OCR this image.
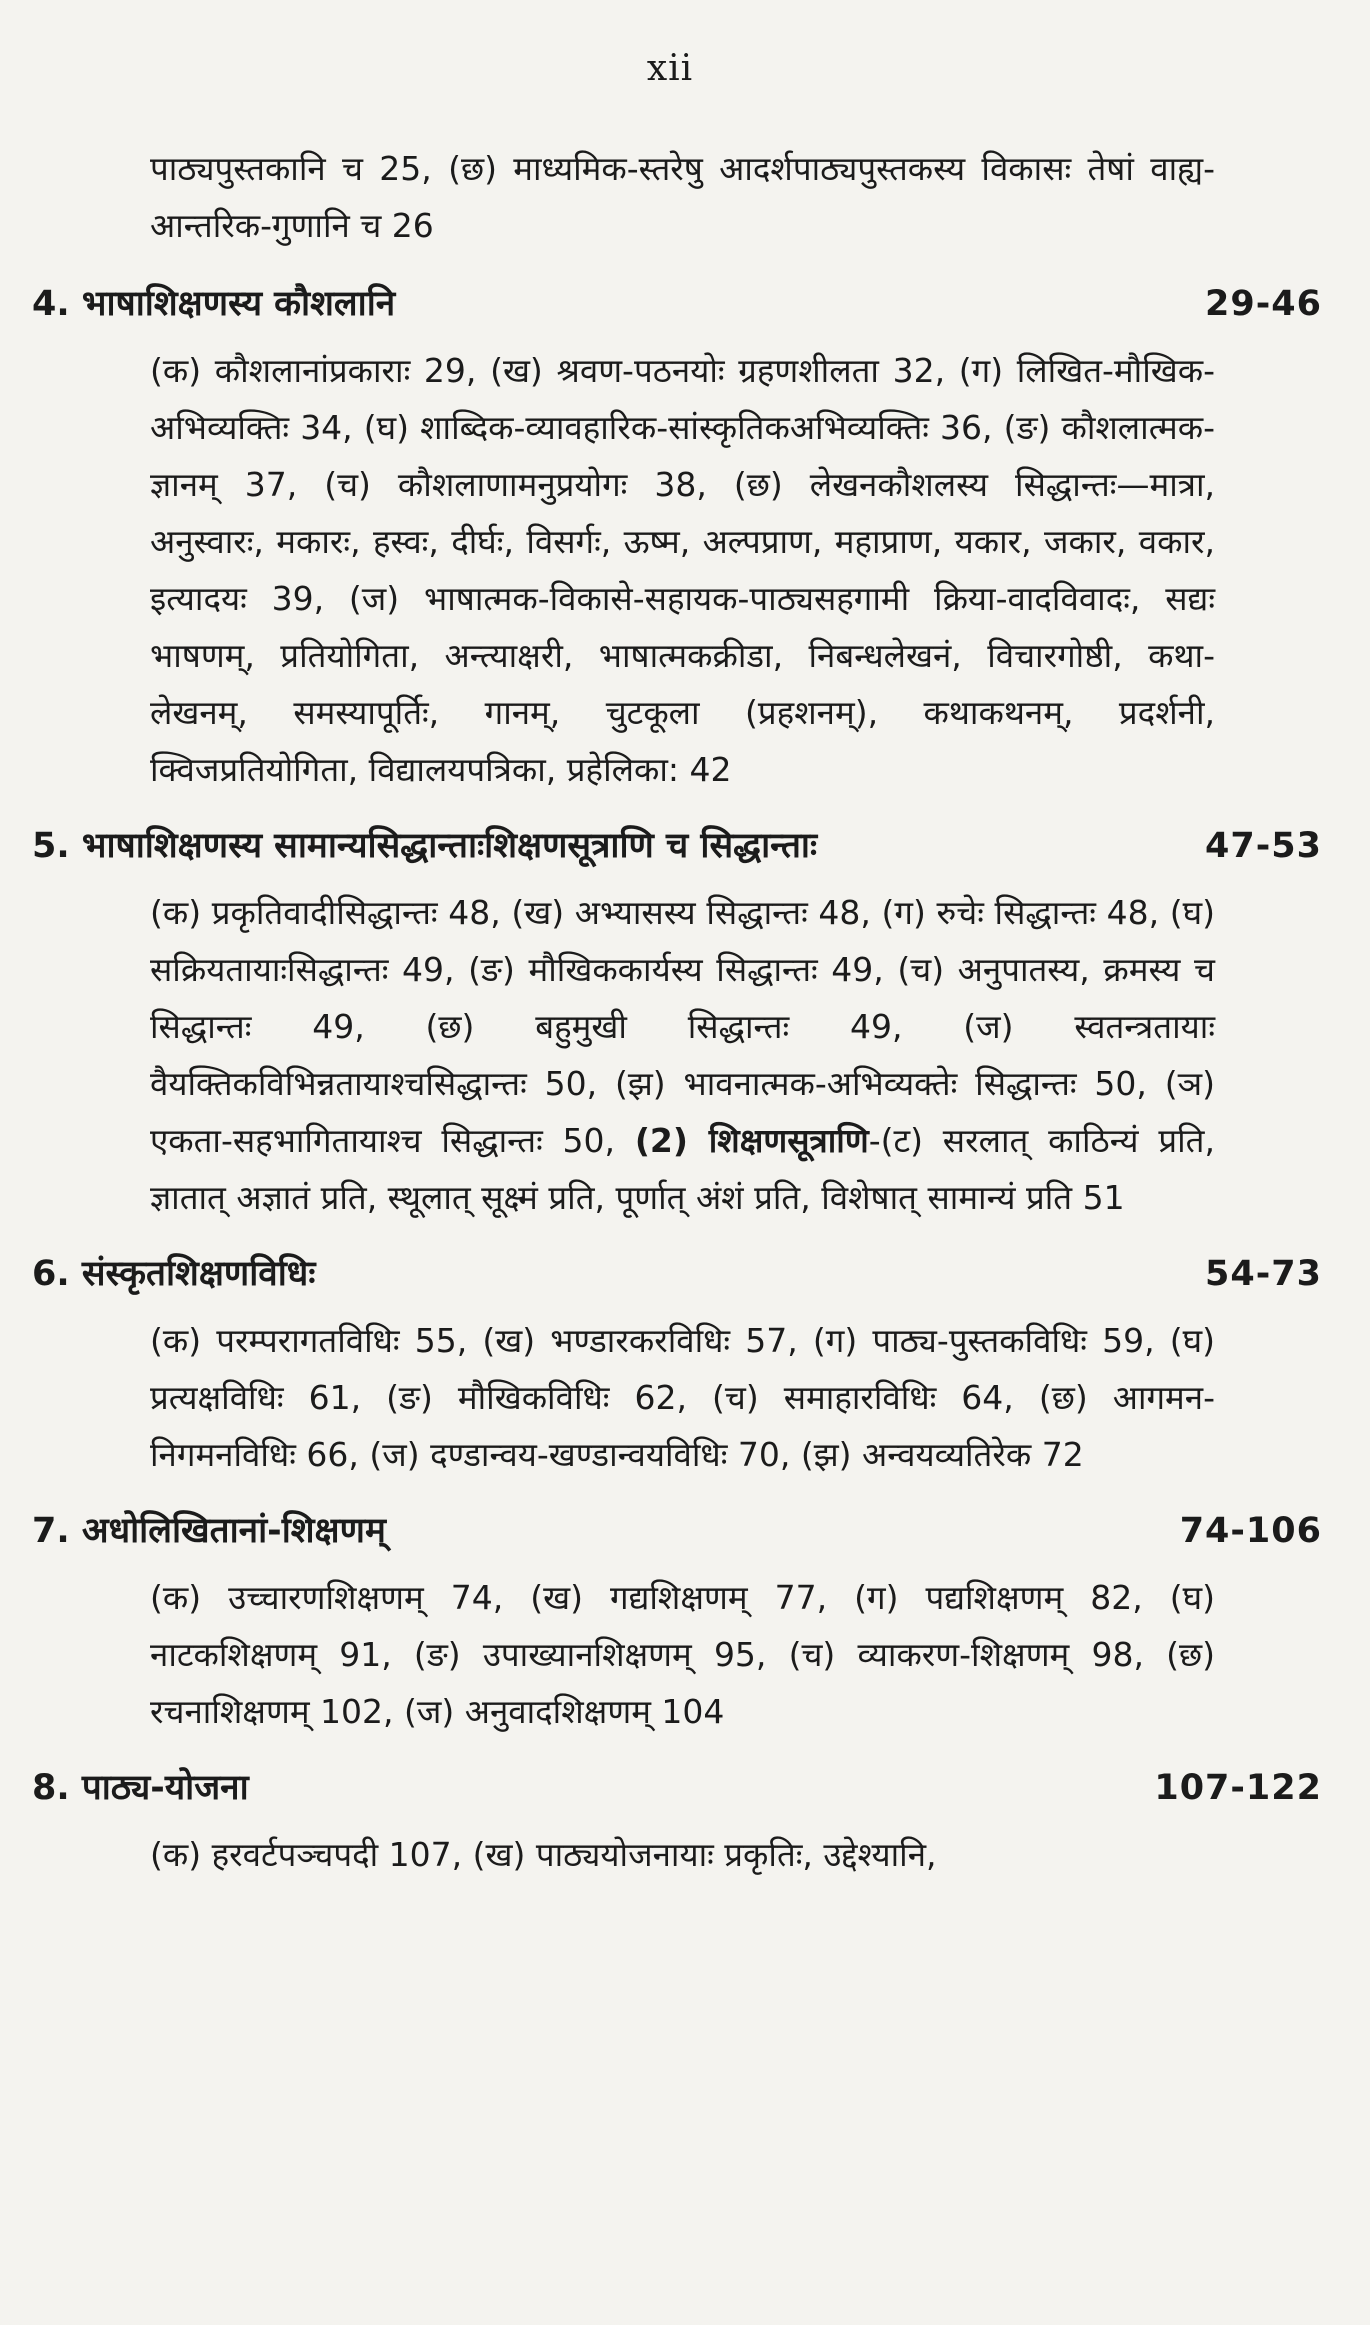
xii
पाठ्यपुस्तकानि च 25, (छ) माध्यमिक-स्तरेषु आदर्शपाठ्यपुस्तकस्य विकासः तेषां वाह्य-आन्तरिक-गुणानि च 26
4. भाषाशिक्षणस्य कौशलानि	29-46
(क) कौशलानांप्रकाराः 29, (ख) श्रवण-पठनयोः ग्रहणशीलता 32, (ग) लिखित-मौखिक-अभिव्यक्तिः 34, (घ) शाब्दिक-व्यावहारिक-सांस्कृतिकअभिव्यक्तिः 36, (ङ) कौशलात्मक-ज्ञानम् 37, (च) कौशलाणामनुप्रयोगः 38, (छ) लेखनकौशलस्य सिद्धान्तः—मात्रा, अनुस्वारः, मकारः, हस्वः, दीर्घः, विसर्गः, ऊष्म, अल्पप्राण, महाप्राण, यकार, जकार, वकार, इत्यादयः 39, (ज) भाषात्मक-विकासे-सहायक-पाठ्यसहगामी क्रिया-वादविवादः, सद्यः भाषणम्, प्रतियोगिता, अन्त्याक्षरी, भाषात्मकक्रीडा, निबन्धलेखनं, विचारगोष्ठी, कथा-लेखनम्, समस्यापूर्तिः, गानम्, चुटकूला (प्रहशनम्), कथाकथनम्, प्रदर्शनी, क्विजप्रतियोगिता, विद्यालयपत्रिका, प्रहेलिका: 42
5. भाषाशिक्षणस्य सामान्यसिद्धान्ताःशिक्षणसूत्राणि च सिद्धान्ताः	47-53
(क) प्रकृतिवादीसिद्धान्तः 48, (ख) अभ्यासस्य सिद्धान्तः 48, (ग) रुचेः सिद्धान्तः 48, (घ) सक्रियतायाःसिद्धान्तः 49, (ङ) मौखिककार्यस्य सिद्धान्तः 49, (च) अनुपातस्य, क्रमस्य च सिद्धान्तः 49, (छ) बहुमुखी सिद्धान्तः 49, (ज) स्वतन्त्रतायाः वैयक्तिकविभिन्नतायाश्चसिद्धान्तः 50, (झ) भावनात्मक-अभिव्यक्तेः सिद्धान्तः 50, (ञ) एकता-सहभागितायाश्च सिद्धान्तः 50, (2) शिक्षणसूत्राणि-(ट) सरलात् काठिन्यं प्रति, ज्ञातात् अज्ञातं प्रति, स्थूलात् सूक्ष्मं प्रति, पूर्णात् अंशं प्रति, विशेषात् सामान्यं प्रति 51
6. संस्कृतशिक्षणविधिः	54-73
(क) परम्परागतविधिः 55, (ख) भण्डारकरविधिः 57, (ग) पाठ्य-पुस्तकविधिः 59, (घ) प्रत्यक्षविधिः 61, (ङ) मौखिकविधिः 62, (च) समाहारविधिः 64, (छ) आगमन-निगमनविधिः 66, (ज) दण्डान्वय-खण्डान्वयविधिः 70, (झ) अन्वयव्यतिरेक 72
7. अधोलिखितानां-शिक्षणम्	74-106
(क) उच्चारणशिक्षणम् 74, (ख) गद्यशिक्षणम् 77, (ग) पद्यशिक्षणम् 82, (घ) नाटकशिक्षणम् 91, (ङ) उपाख्यानशिक्षणम् 95, (च) व्याकरण-शिक्षणम् 98, (छ) रचनाशिक्षणम् 102, (ज) अनुवादशिक्षणम् 104
8. पाठ्य-योजना	107-122
(क) हरवर्टपञ्चपदी 107, (ख) पाठ्ययोजनायाः प्रकृतिः, उद्देश्यानि,
